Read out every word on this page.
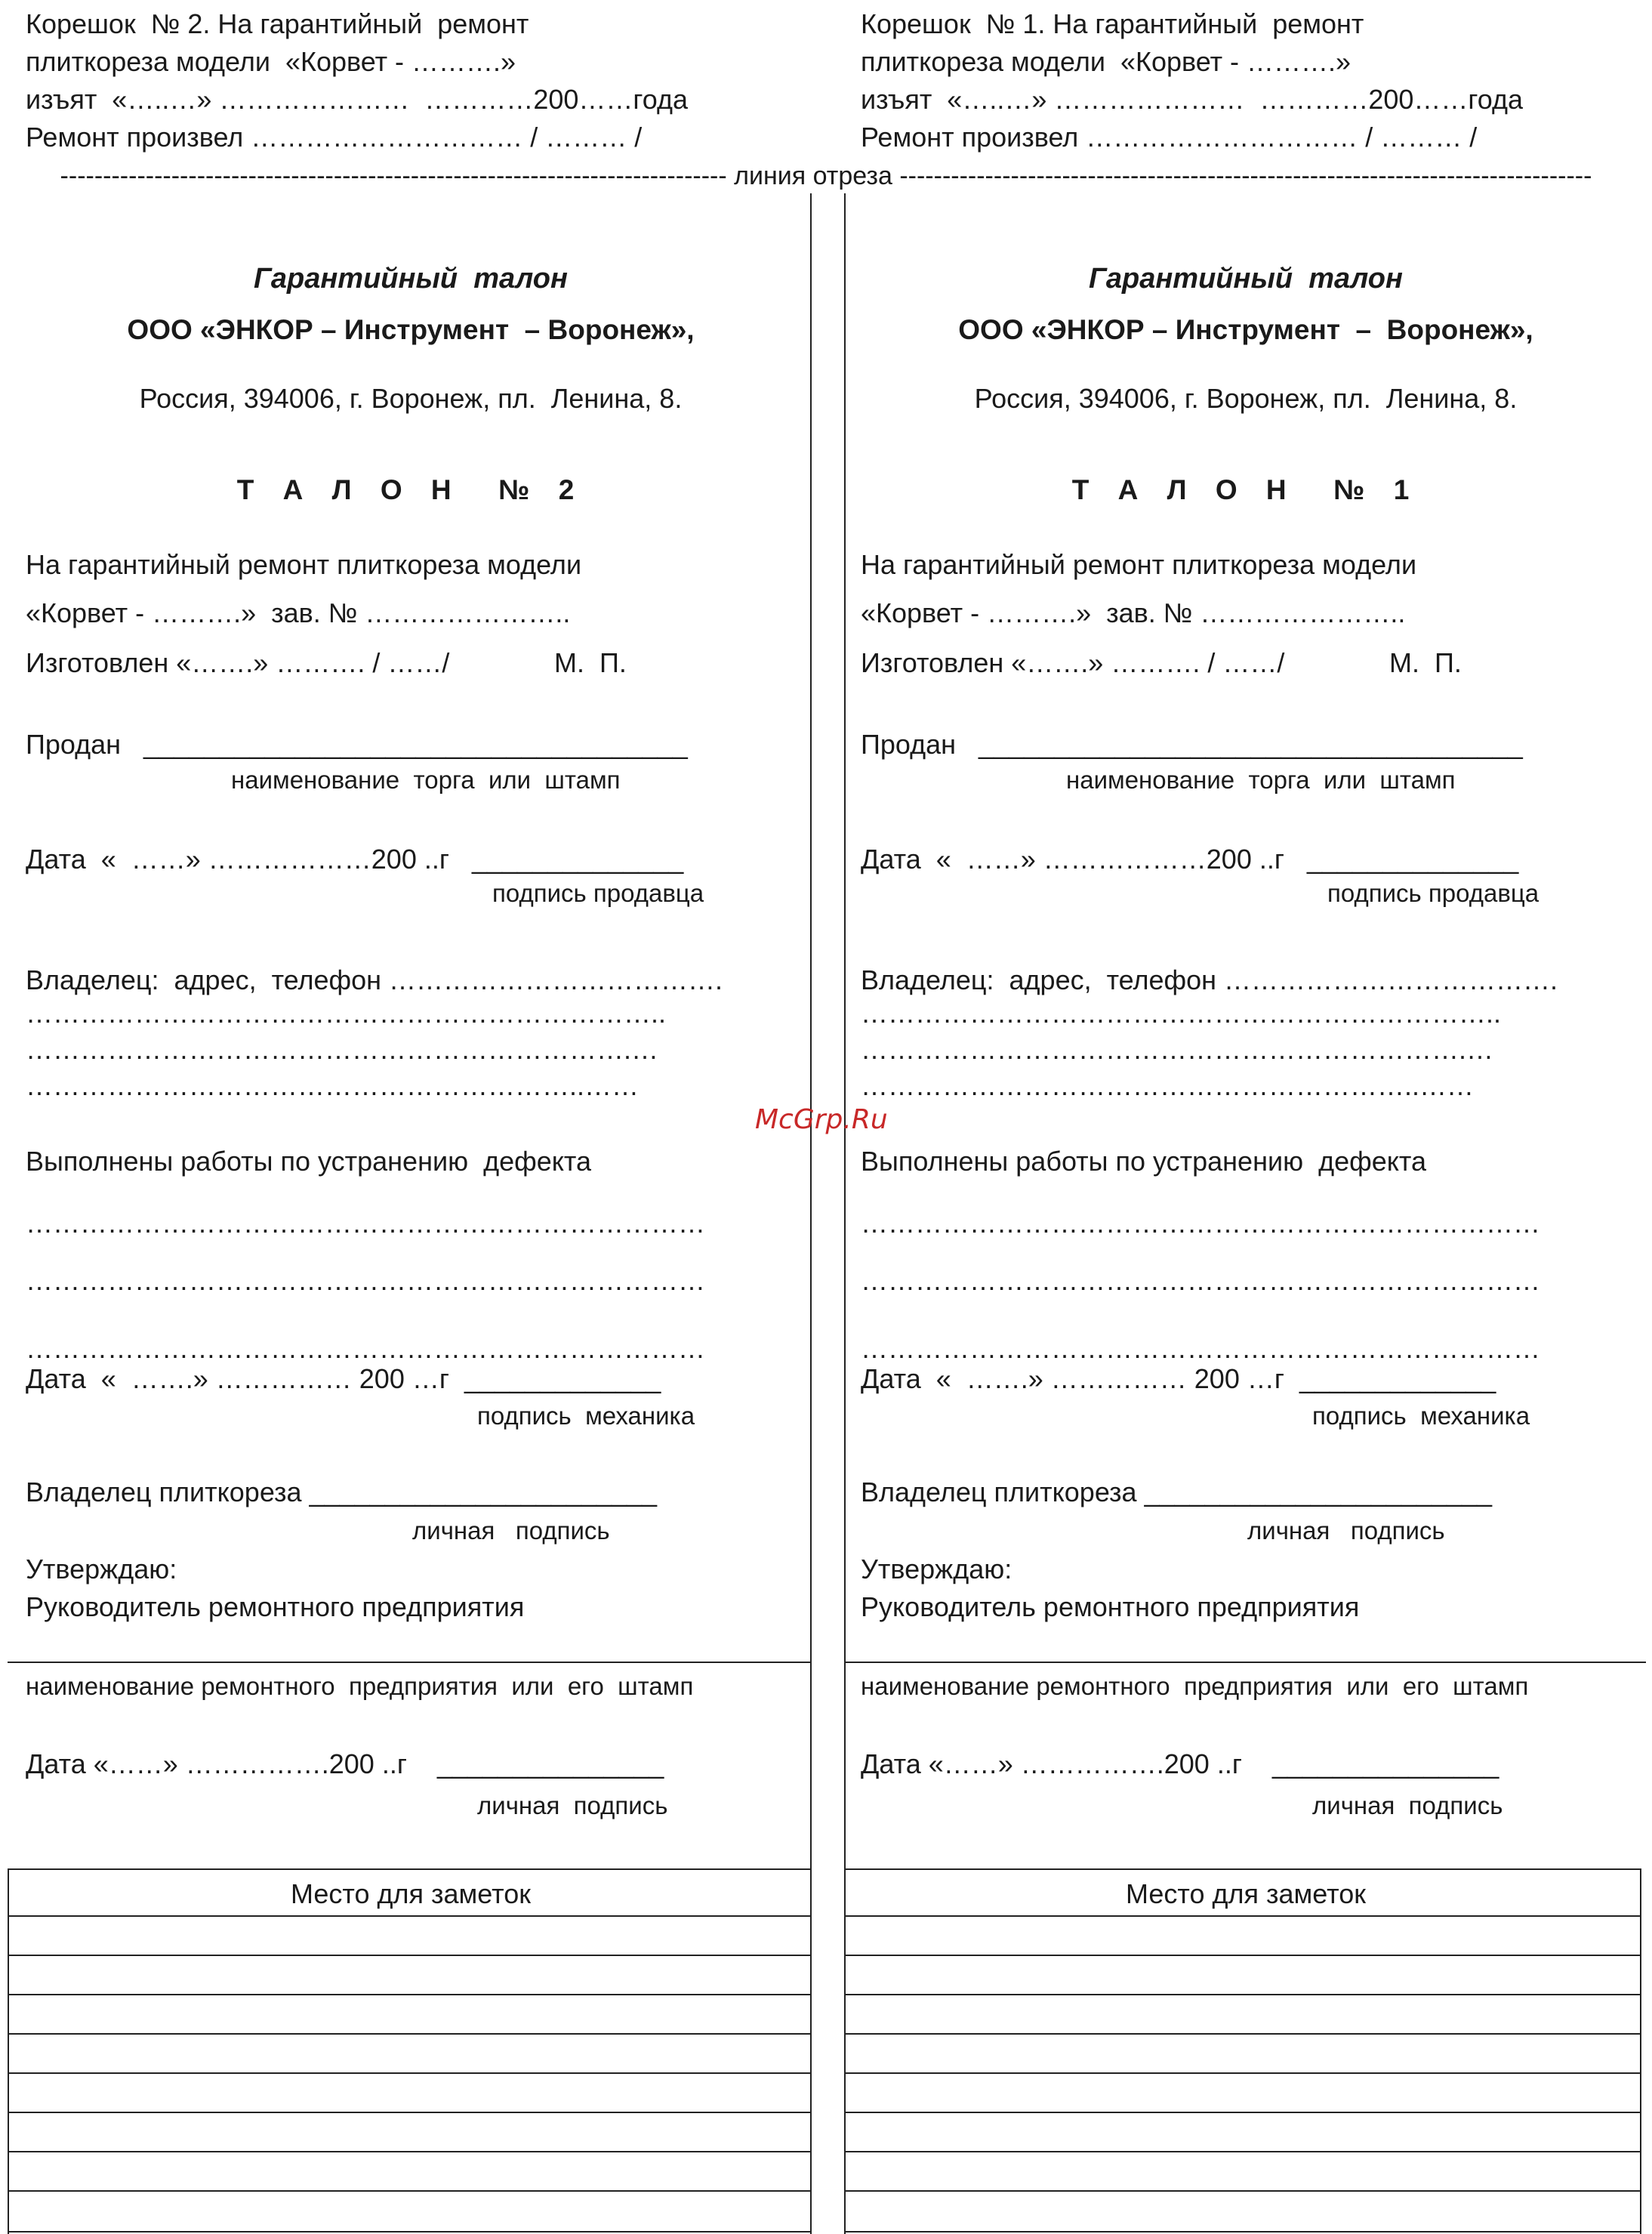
Корешок  № 2. На гарантийный  ремонт
плиткореза модели  «Корвет - ……….»
изъят  «…..…» …………………  …………200……года
Ремонт произвел ………………………… / ……… /
Корешок  № 1. На гарантийный  ремонт
плиткореза модели  «Корвет - ……….»
изъят  «…..…» …………………  …………200……года
Ремонт произвел ………………………… / ……… /
------------------------------------------------------------------------------ линия отреза ---------------------------------------------------------------------------------
McGrp.Ru
Гарантийный  талон
ООО «ЭНКОР – Инструмент  – Воронеж»,
Россия, 394006, г. Воронеж, пл.  Ленина, 8.
Т А Л О Н  № 2
На гарантийный ремонт плиткореза модели
«Корвет - ……….»  зав. № …………………..
Изготовлен «…….» ………. / ……/	М.  П.
Продан   ____________________________________
наименование  торга  или  штамп
Дата  «  ……» ………………200 ..г   ______________
подпись продавца
Владелец:  адрес,  телефон ……………………………….
……………………………………………………………..
………………………………………………………….…
……………………………………………………..……
Выполнены работы по устранению  дефекта
…………………………………………………………………
…………………………………………………………………
…………………………………………………………………
Дата  «  …….» …………… 200 …г  _____________
подпись  механика
Владелец плиткореза _______________________
личная   подпись
Утверждаю:
Руководитель ремонтного предприятия
наименование ремонтного  предприятия  или  его  штамп
Дата «……» …………….200 ..г    _______________
личная  подпись
Место для заметок
Гарантийный  талон
ООО «ЭНКОР – Инструмент  –  Воронеж»,
Россия, 394006, г. Воронеж, пл.  Ленина, 8.
Т А Л О Н  № 1
На гарантийный ремонт плиткореза модели
«Корвет - ……….»  зав. № …………………..
Изготовлен «…….» ………. / ……/	М.  П.
Продан   ____________________________________
наименование  торга  или  штамп
Дата  «  ……» ………………200 ..г   ______________
подпись продавца
Владелец:  адрес,  телефон ……………………………….
……………………………………………………………..
………………………………………………………….…
……………………………………………………..……
Выполнены работы по устранению  дефекта
…………………………………………………………………
…………………………………………………………………
…………………………………………………………………
Дата  «  …….» …………… 200 …г  _____________
подпись  механика
Владелец плиткореза _______________________
личная   подпись
Утверждаю:
Руководитель ремонтного предприятия
наименование ремонтного  предприятия  или  его  штамп
Дата «……» …………….200 ..г    _______________
личная  подпись
Место для заметок
